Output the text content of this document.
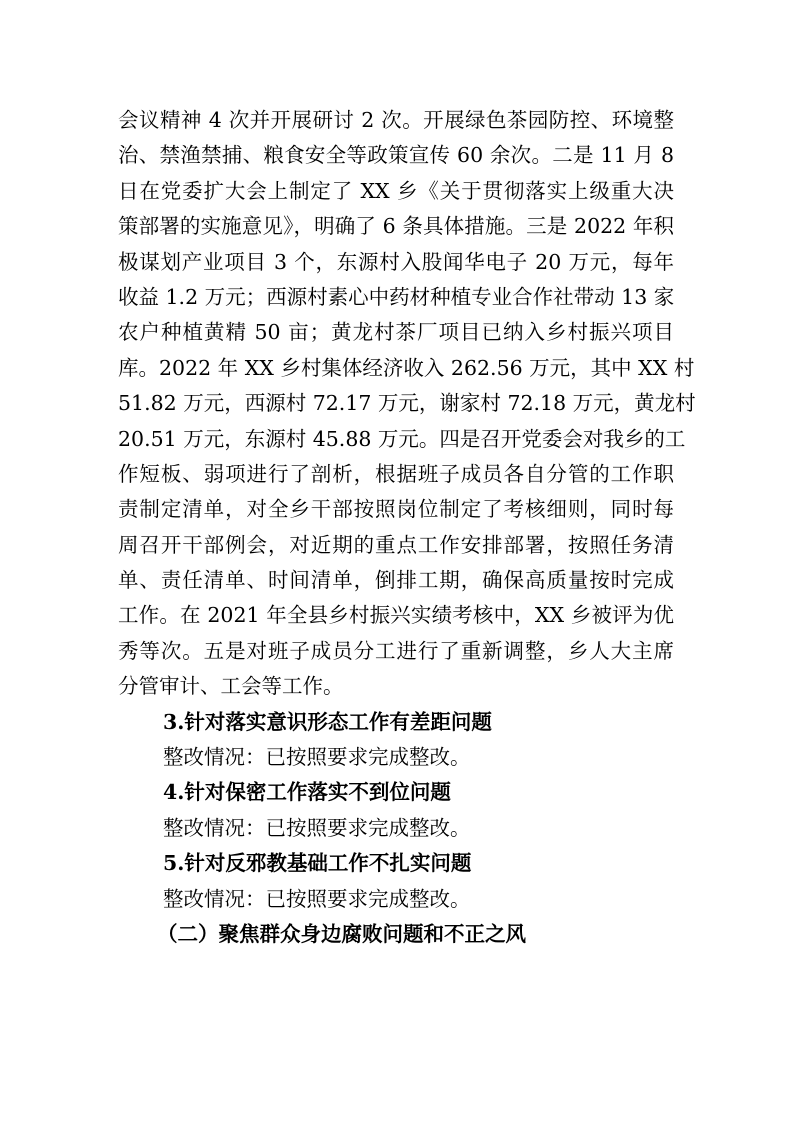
会议精神 4 次并开展研讨 2 次。开展绿色茶园防控、环境整
治、禁渔禁捕、粮食安全等政策宣传 60 余次。二是 11 月 8
日在党委扩大会上制定了 XX 乡《关于贯彻落实上级重大决
策部署的实施意见》，明确了 6 条具体措施。三是 2022 年积
极谋划产业项目 3 个，东源村入股闻华电子 20 万元，每年
收益 1.2 万元；西源村素心中药材种植专业合作社带动 13 家
农户种植黄精 50 亩；黄龙村茶厂项目已纳入乡村振兴项目
库。2022 年 XX 乡村集体经济收入 262.56 万元，其中 XX 村
51.82 万元，西源村 72.17 万元，谢家村 72.18 万元，黄龙村
20.51 万元，东源村 45.88 万元。四是召开党委会对我乡的工
作短板、弱项进行了剖析，根据班子成员各自分管的工作职
责制定清单，对全乡干部按照岗位制定了考核细则，同时每
周召开干部例会，对近期的重点工作安排部署，按照任务清
单、责任清单、时间清单，倒排工期，确保高质量按时完成
工作。在 2021 年全县乡村振兴实绩考核中，XX 乡被评为优
秀等次。五是对班子成员分工进行了重新调整，乡人大主席
分管审计、工会等工作。
3.针对落实意识形态工作有差距问题
整改情况：已按照要求完成整改。
4.针对保密工作落实不到位问题
整改情况：已按照要求完成整改。
5.针对反邪教基础工作不扎实问题
整改情况：已按照要求完成整改。
（二）聚焦群众身边腐败问题和不正之风
